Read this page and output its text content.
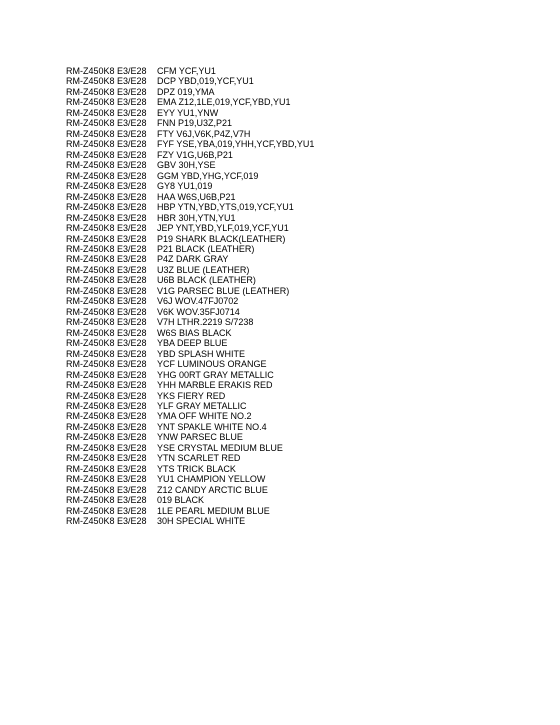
RM-Z450K8 E3/E28 CFM YCF,YU1
RM-Z450K8 E3/E28 DCP YBD,019,YCF,YU1
RM-Z450K8 E3/E28 DPZ 019,YMA
RM-Z450K8 E3/E28 EMA Z12,1LE,019,YCF,YBD,YU1
RM-Z450K8 E3/E28 EYY YU1,YNW
RM-Z450K8 E3/E28 FNN P19,U3Z,P21
RM-Z450K8 E3/E28 FTY V6J,V6K,P4Z,V7H
RM-Z450K8 E3/E28 FYF YSE,YBA,019,YHH,YCF,YBD,YU1
RM-Z450K8 E3/E28 FZY V1G,U6B,P21
RM-Z450K8 E3/E28 GBV 30H,YSE
RM-Z450K8 E3/E28 GGM YBD,YHG,YCF,019
RM-Z450K8 E3/E28 GY8 YU1,019
RM-Z450K8 E3/E28 HAA W6S,U6B,P21
RM-Z450K8 E3/E28 HBP YTN,YBD,YTS,019,YCF,YU1
RM-Z450K8 E3/E28 HBR 30H,YTN,YU1
RM-Z450K8 E3/E28 JEP YNT,YBD,YLF,019,YCF,YU1
RM-Z450K8 E3/E28 P19 SHARK BLACK(LEATHER)
RM-Z450K8 E3/E28 P21 BLACK (LEATHER)
RM-Z450K8 E3/E28 P4Z DARK GRAY
RM-Z450K8 E3/E28 U3Z BLUE (LEATHER)
RM-Z450K8 E3/E28 U6B BLACK (LEATHER)
RM-Z450K8 E3/E28 V1G PARSEC BLUE (LEATHER)
RM-Z450K8 E3/E28 V6J WOV.47FJ0702
RM-Z450K8 E3/E28 V6K WOV.35FJ0714
RM-Z450K8 E3/E28 V7H LTHR.2219 S/7238
RM-Z450K8 E3/E28 W6S BIAS BLACK
RM-Z450K8 E3/E28 YBA DEEP BLUE
RM-Z450K8 E3/E28 YBD SPLASH WHITE
RM-Z450K8 E3/E28 YCF LUMINOUS ORANGE
RM-Z450K8 E3/E28 YHG 00RT GRAY METALLIC
RM-Z450K8 E3/E28 YHH MARBLE ERAKIS RED
RM-Z450K8 E3/E28 YKS FIERY RED
RM-Z450K8 E3/E28 YLF GRAY METALLIC
RM-Z450K8 E3/E28 YMA OFF WHITE NO.2
RM-Z450K8 E3/E28 YNT SPAKLE WHITE NO.4
RM-Z450K8 E3/E28 YNW PARSEC BLUE
RM-Z450K8 E3/E28 YSE CRYSTAL MEDIUM BLUE
RM-Z450K8 E3/E28 YTN SCARLET RED
RM-Z450K8 E3/E28 YTS TRICK BLACK
RM-Z450K8 E3/E28 YU1 CHAMPION YELLOW
RM-Z450K8 E3/E28 Z12 CANDY ARCTIC BLUE
RM-Z450K8 E3/E28 019 BLACK
RM-Z450K8 E3/E28 1LE PEARL MEDIUM BLUE
RM-Z450K8 E3/E28 30H SPECIAL WHITE
